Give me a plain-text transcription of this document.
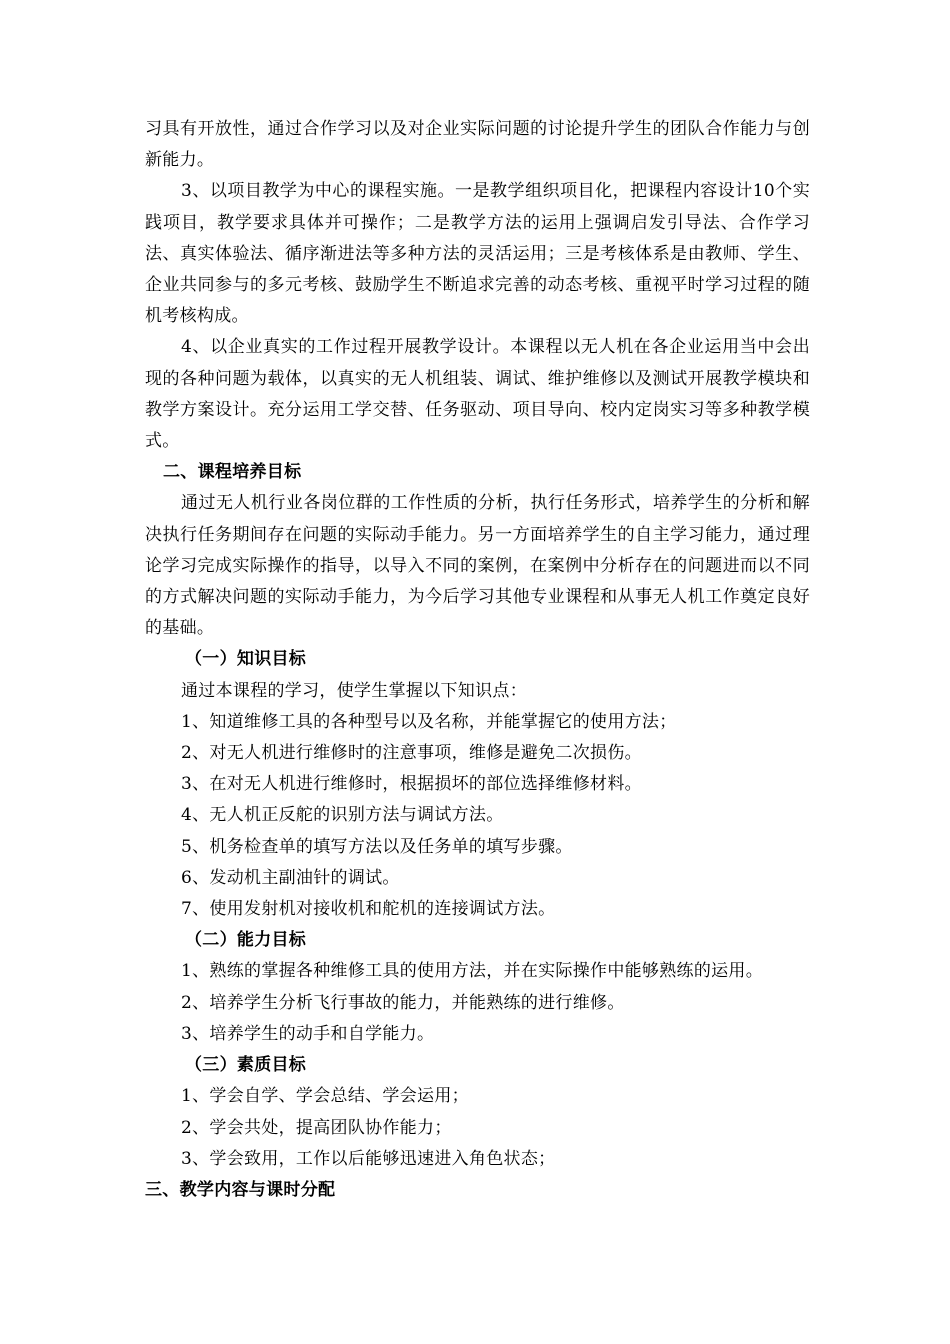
习具有开放性，通过合作学习以及对企业实际问题的讨论提升学生的团队合作能力与创新能力。

3、以项目教学为中心的课程实施。一是教学组织项目化，把课程内容设计10个实践项目，教学要求具体并可操作；二是教学方法的运用上强调启发引导法、合作学习法、真实体验法、循序渐进法等多种方法的灵活运用；三是考核体系是由教师、学生、企业共同参与的多元考核、鼓励学生不断追求完善的动态考核、重视平时学习过程的随机考核构成。

4、以企业真实的工作过程开展教学设计。本课程以无人机在各企业运用当中会出现的各种问题为载体，以真实的无人机组装、调试、维护维修以及测试开展教学模块和教学方案设计。充分运用工学交替、任务驱动、项目导向、校内定岗实习等多种教学模式。

二、课程培养目标

通过无人机行业各岗位群的工作性质的分析，执行任务形式，培养学生的分析和解决执行任务期间存在问题的实际动手能力。另一方面培养学生的自主学习能力，通过理论学习完成实际操作的指导，以导入不同的案例，在案例中分析存在的问题进而以不同的方式解决问题的实际动手能力，为今后学习其他专业课程和从事无人机工作奠定良好的基础。

（一）知识目标

通过本课程的学习，使学生掌握以下知识点：

1、知道维修工具的各种型号以及名称，并能掌握它的使用方法；

2、对无人机进行维修时的注意事项，维修是避免二次损伤。

3、在对无人机进行维修时，根据损坏的部位选择维修材料。

4、无人机正反舵的识别方法与调试方法。

5、机务检查单的填写方法以及任务单的填写步骤。

6、发动机主副油针的调试。

7、使用发射机对接收机和舵机的连接调试方法。

（二）能力目标

1、熟练的掌握各种维修工具的使用方法，并在实际操作中能够熟练的运用。

2、培养学生分析飞行事故的能力，并能熟练的进行维修。

3、培养学生的动手和自学能力。

（三）素质目标

1、学会自学、学会总结、学会运用；

2、学会共处，提高团队协作能力；

3、学会致用，工作以后能够迅速进入角色状态；

三、教学内容与课时分配
